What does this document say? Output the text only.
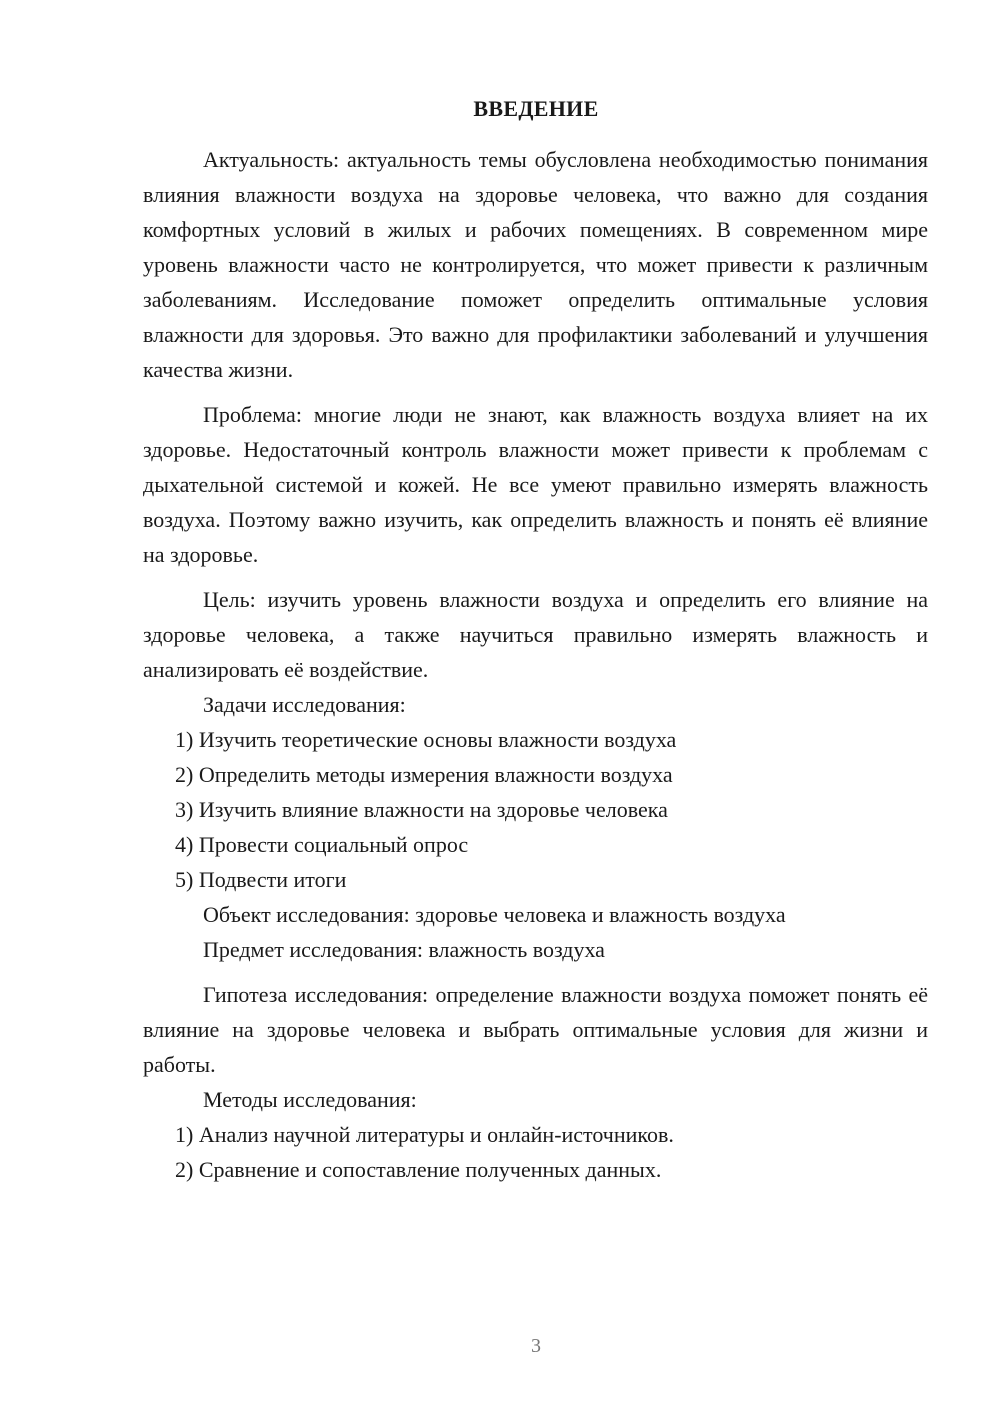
ВВЕДЕНИЕ

Актуальность: актуальность темы обусловлена необходимостью понимания влияния влажности воздуха на здоровье человека, что важно для создания комфортных условий в жилых и рабочих помещениях. В современном мире уровень влажности часто не контролируется, что может привести к различным заболеваниям. Исследование поможет определить оптимальные условия влажности для здоровья. Это важно для профилактики заболеваний и улучшения качества жизни.

Проблема: многие люди не знают, как влажность воздуха влияет на их здоровье. Недостаточный контроль влажности может привести к проблемам с дыхательной системой и кожей. Не все умеют правильно измерять влажность воздуха. Поэтому важно изучить, как определить влажность и понять её влияние на здоровье.

Цель: изучить уровень влажности воздуха и определить его влияние на здоровье человека, а также научиться правильно измерять влажность и анализировать её воздействие.

Задачи исследования:

1) Изучить теоретические основы влажности воздуха

2) Определить методы измерения влажности воздуха

3) Изучить влияние влажности на здоровье человека

4) Провести социальный опрос

5) Подвести итоги

Объект исследования: здоровье человека и влажность воздуха

Предмет исследования: влажность воздуха

Гипотеза исследования: определение влажности воздуха поможет понять её влияние на здоровье человека и выбрать оптимальные условия для жизни и работы.

Методы исследования:

1) Анализ научной литературы и онлайн-источников.

2) Сравнение и сопоставление полученных данных.

3
